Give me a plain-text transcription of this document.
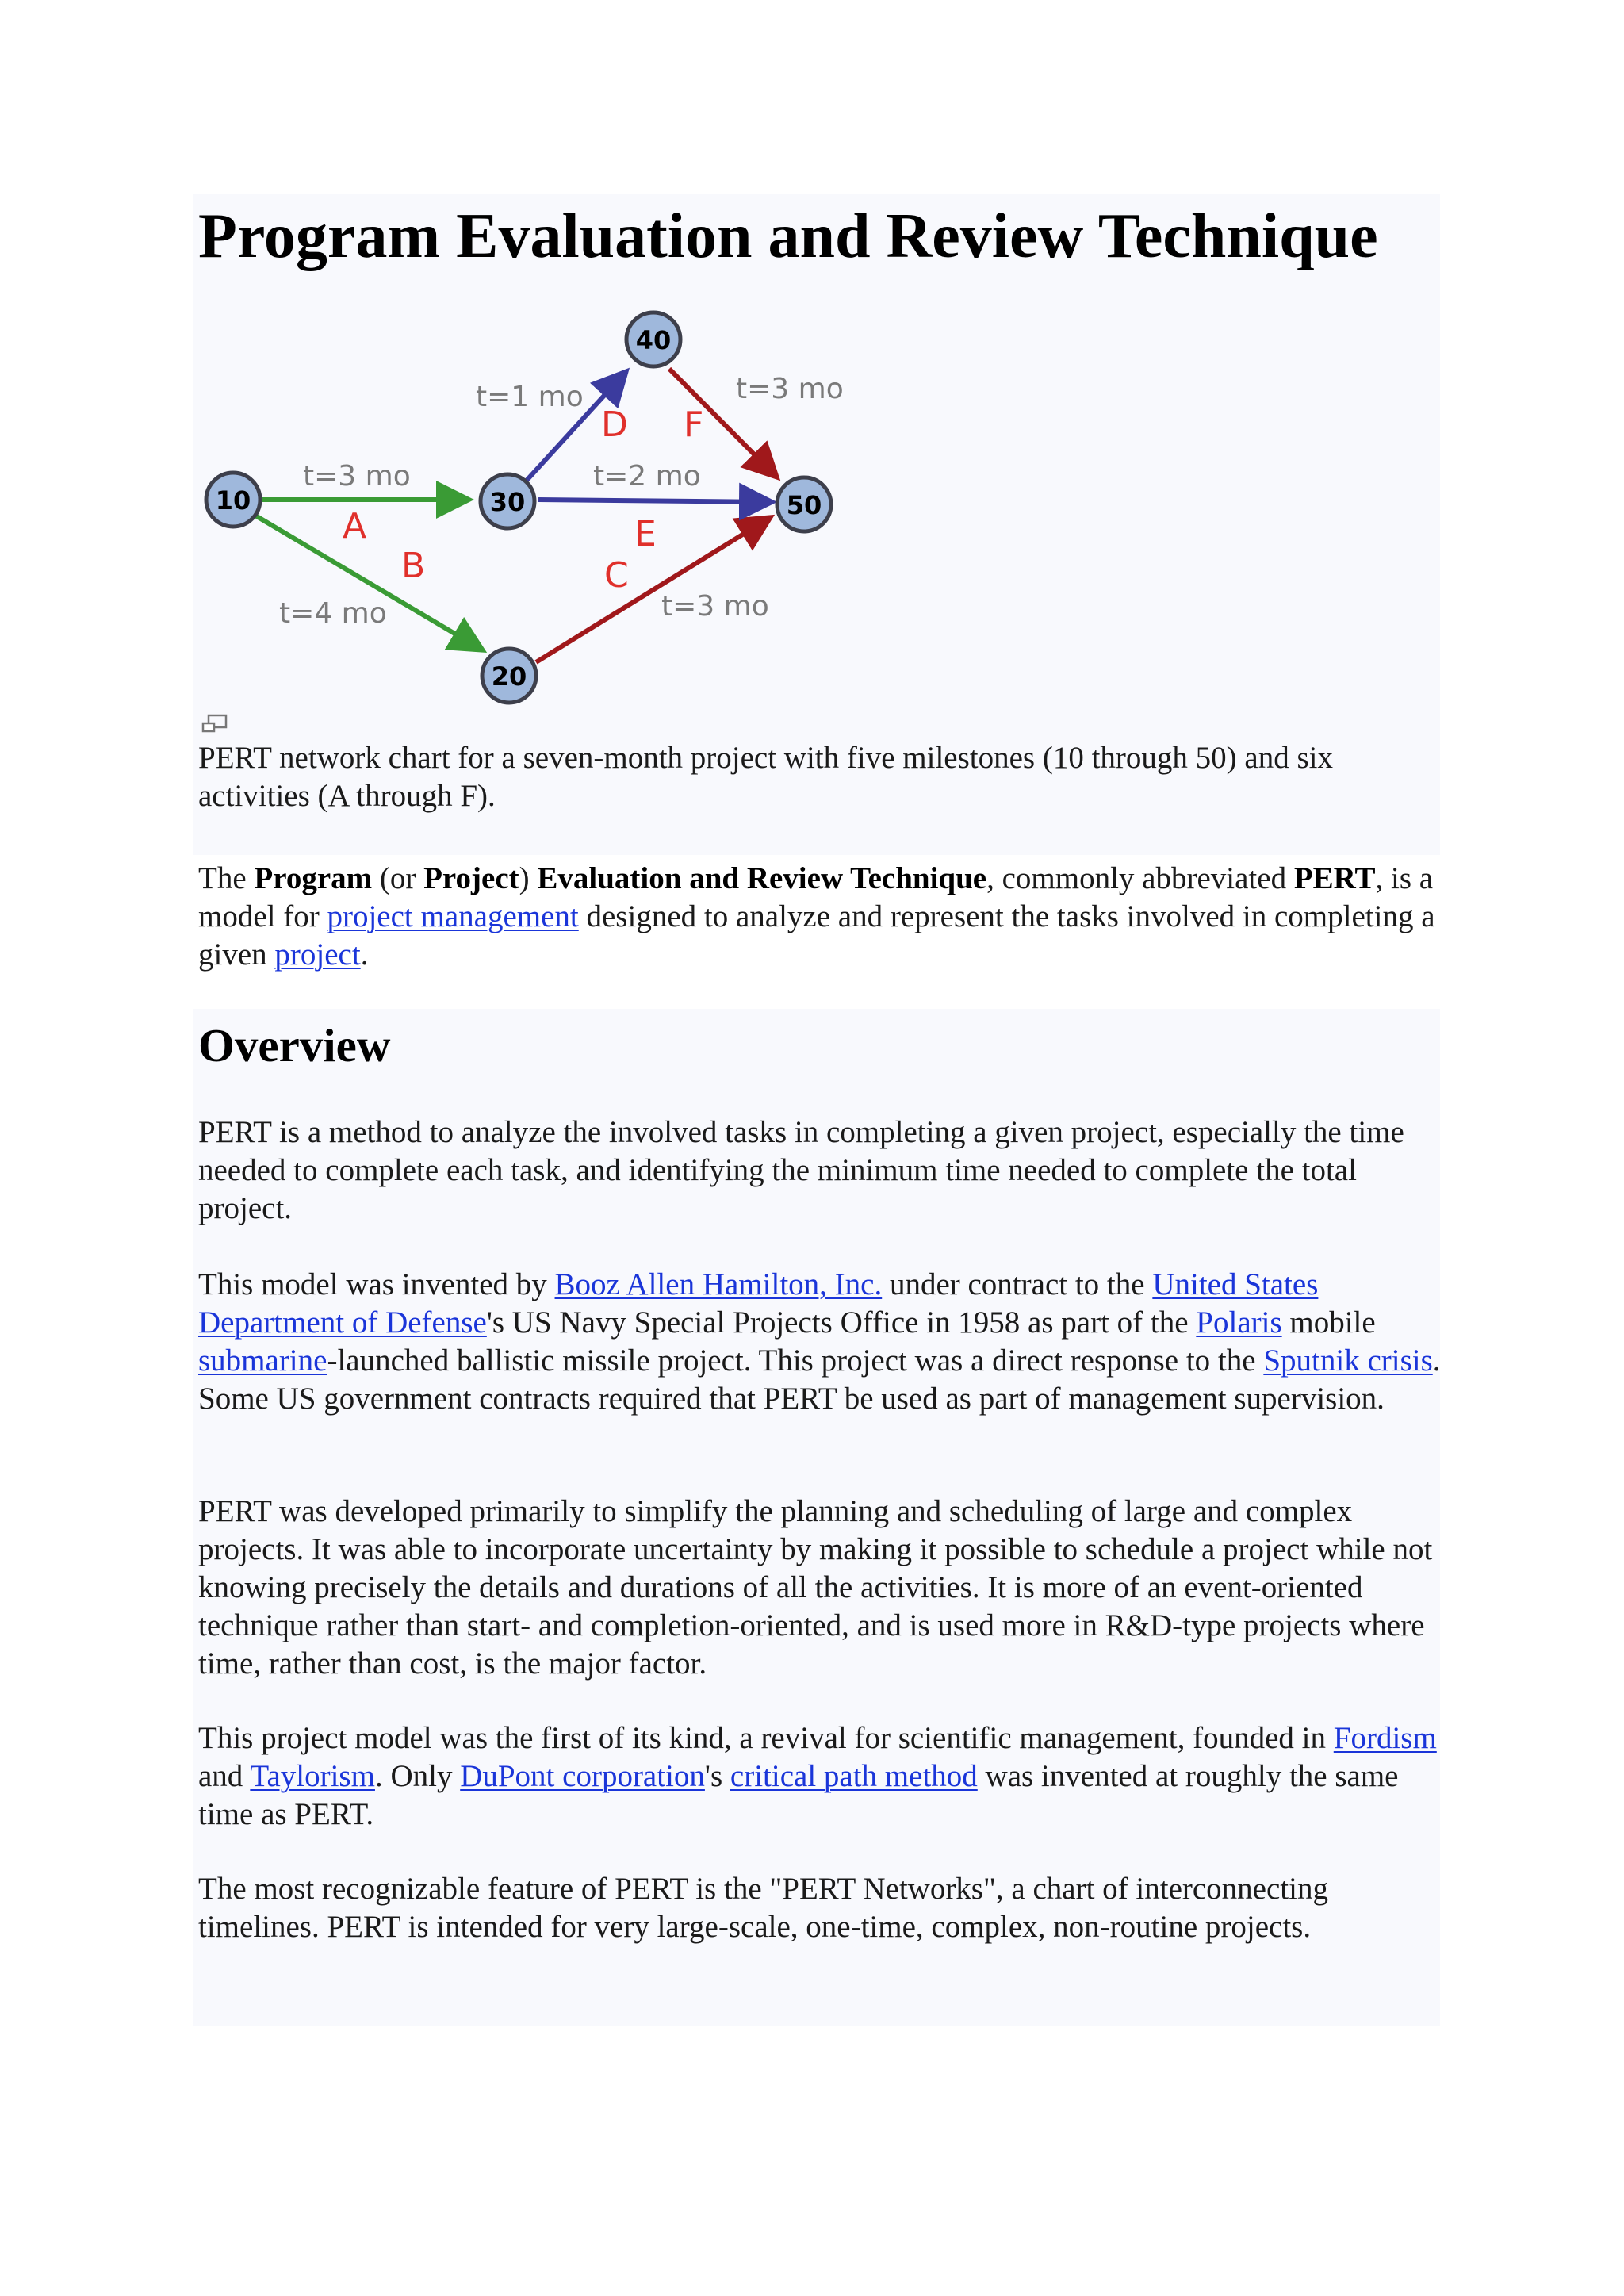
Program Evaluation and Review Technique
t=3 mo
t=4 mo	t=3 mo
t=1 mo
t=2 mo
t=3 mo
A
B	C
D
E
F
10	30
40
50
20

PERT network chart for a seven-month project with five milestones (10 through 50) and six activities (A through F).

The Program (or Project) Evaluation and Review Technique, commonly abbreviated PERT, is a model for project management designed to analyze and represent the tasks involved in completing a given project.

Overview

PERT is a method to analyze the involved tasks in completing a given project, especially the time needed to complete each task, and identifying the minimum time needed to complete the total project.

This model was invented by Booz Allen Hamilton, Inc. under contract to the United States Department of Defense's US Navy Special Projects Office in 1958 as part of the Polaris mobile submarine-launched ballistic missile project. This project was a direct response to the Sputnik crisis. Some US government contracts required that PERT be used as part of management supervision.

PERT was developed primarily to simplify the planning and scheduling of large and complex projects. It was able to incorporate uncertainty by making it possible to schedule a project while not knowing precisely the details and durations of all the activities. It is more of an event-oriented technique rather than start- and completion-oriented, and is used more in R&D-type projects where time, rather than cost, is the major factor.

This project model was the first of its kind, a revival for scientific management, founded in Fordism and Taylorism. Only DuPont corporation's critical path method was invented at roughly the same time as PERT.

The most recognizable feature of PERT is the "PERT Networks", a chart of interconnecting timelines. PERT is intended for very large-scale, one-time, complex, non-routine projects.
